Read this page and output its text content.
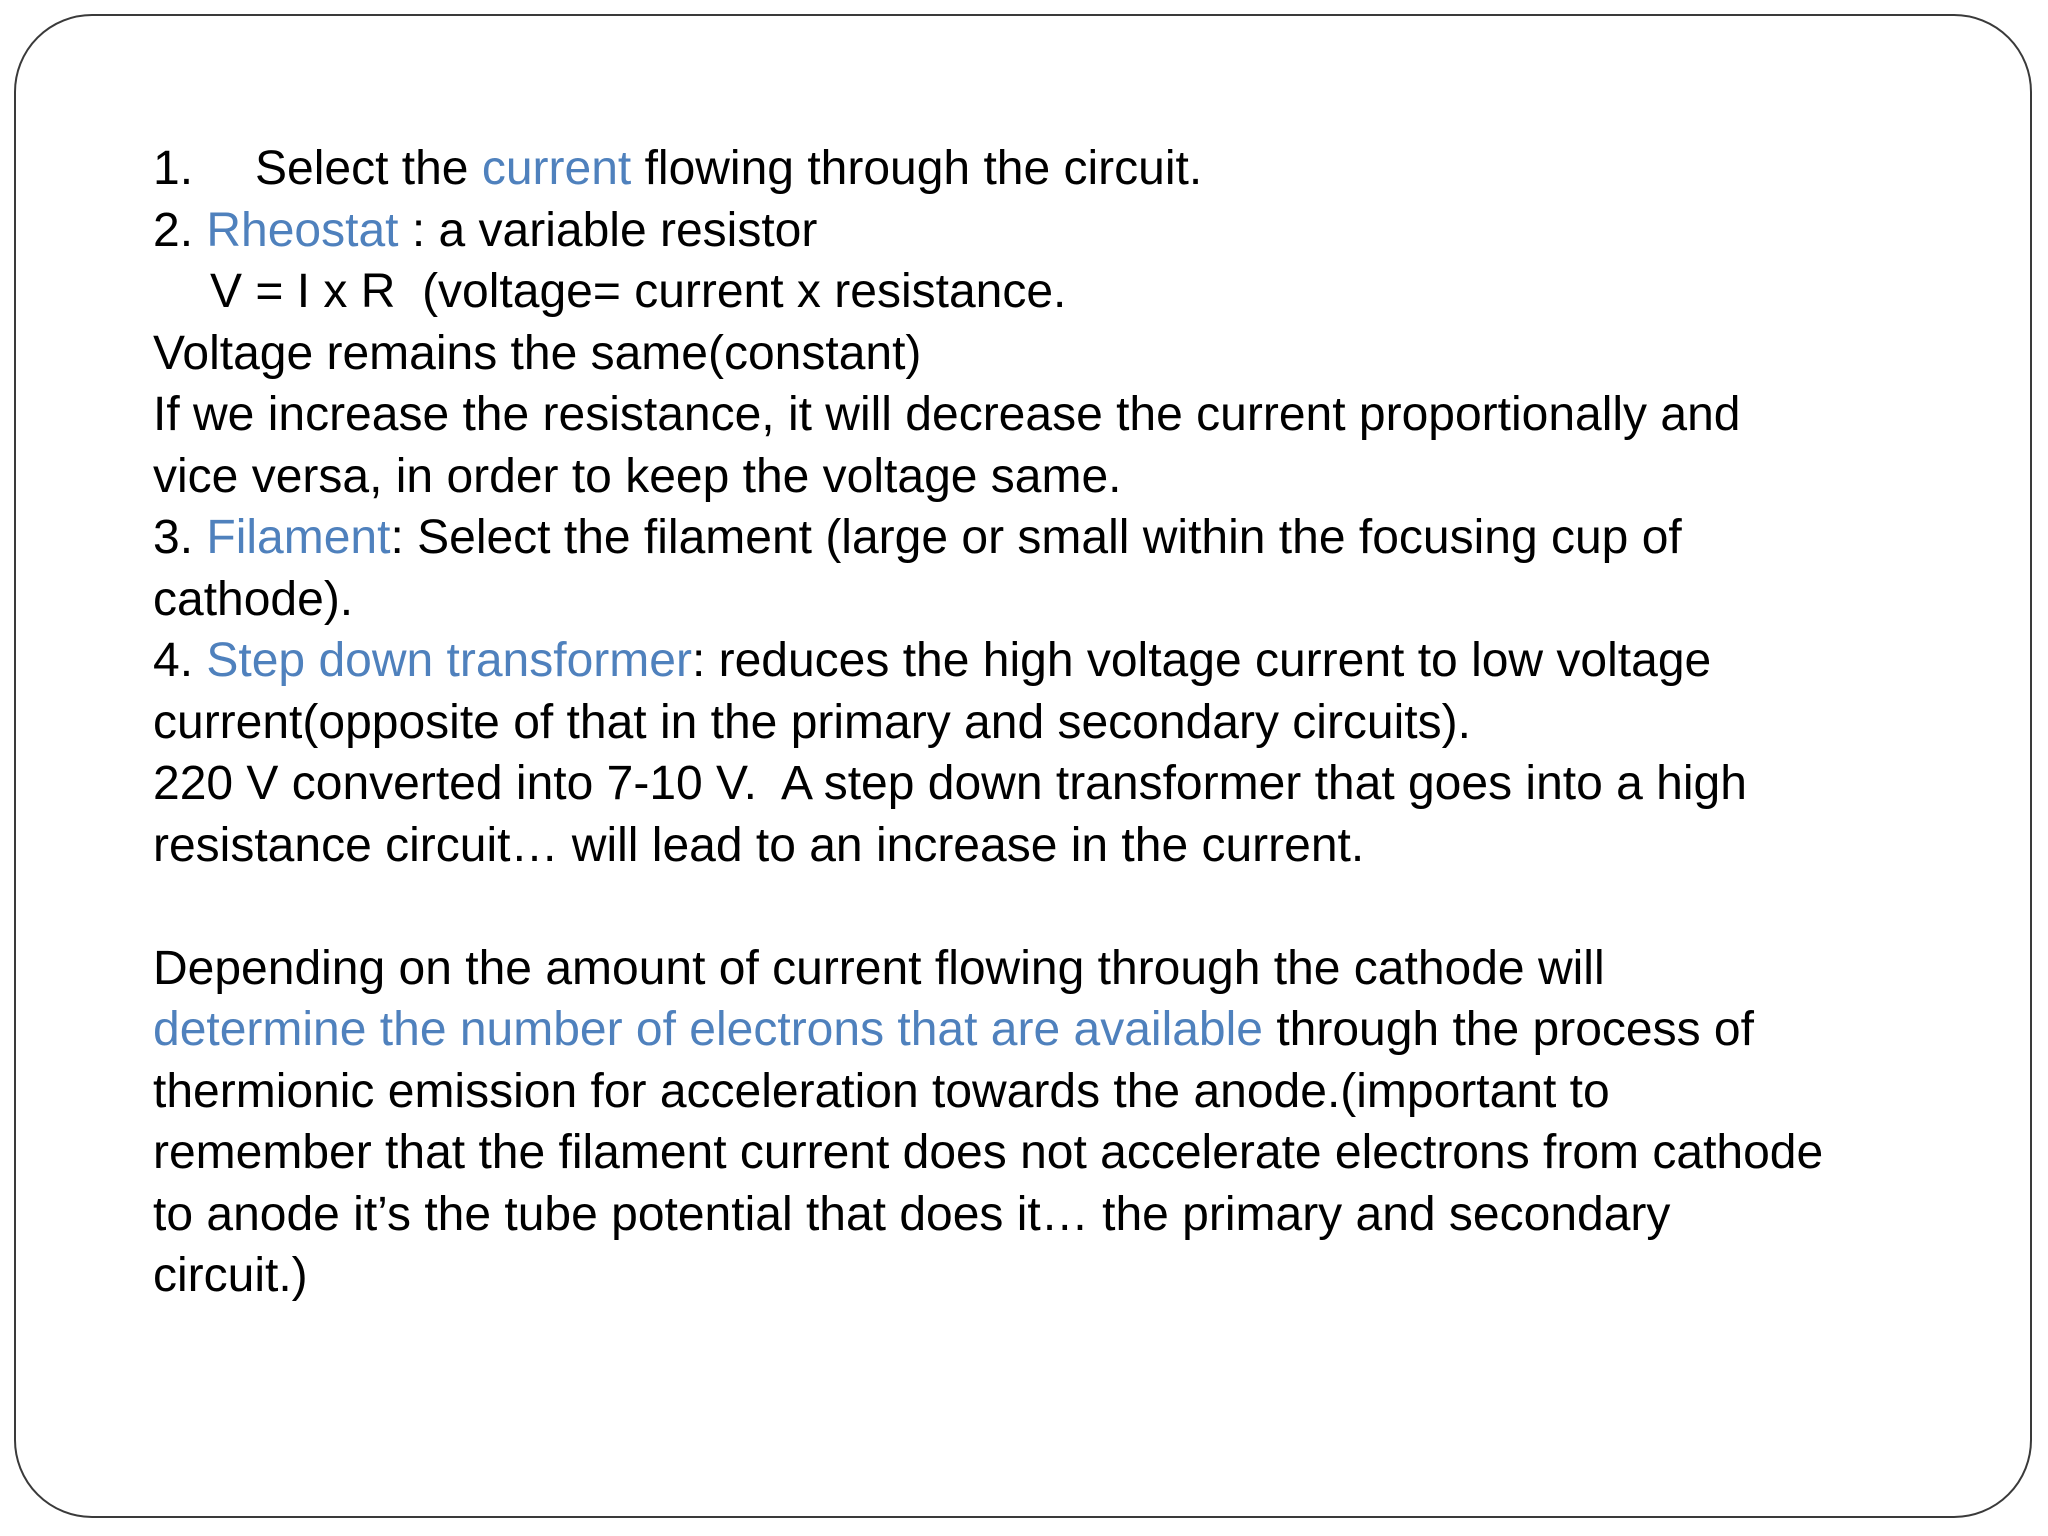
1. Select the current flowing through the circuit.
2. Rheostat : a variable resistor
V = I x R  (voltage= current x resistance.
Voltage remains the same(constant)
If we increase the resistance, it will decrease the current proportionally and
vice versa, in order to keep the voltage same.
3. Filament: Select the filament (large or small within the focusing cup of
cathode).
4. Step down transformer: reduces the high voltage current to low voltage
current(opposite of that in the primary and secondary circuits).
220 V converted into 7-10 V.  A step down transformer that goes into a high
resistance circuit… will lead to an increase in the current.
Depending on the amount of current flowing through the cathode will
determine the number of electrons that are available through the process of
thermionic emission for acceleration towards the anode.(important to
remember that the filament current does not accelerate electrons from cathode
to anode it’s the tube potential that does it… the primary and secondary
circuit.)
